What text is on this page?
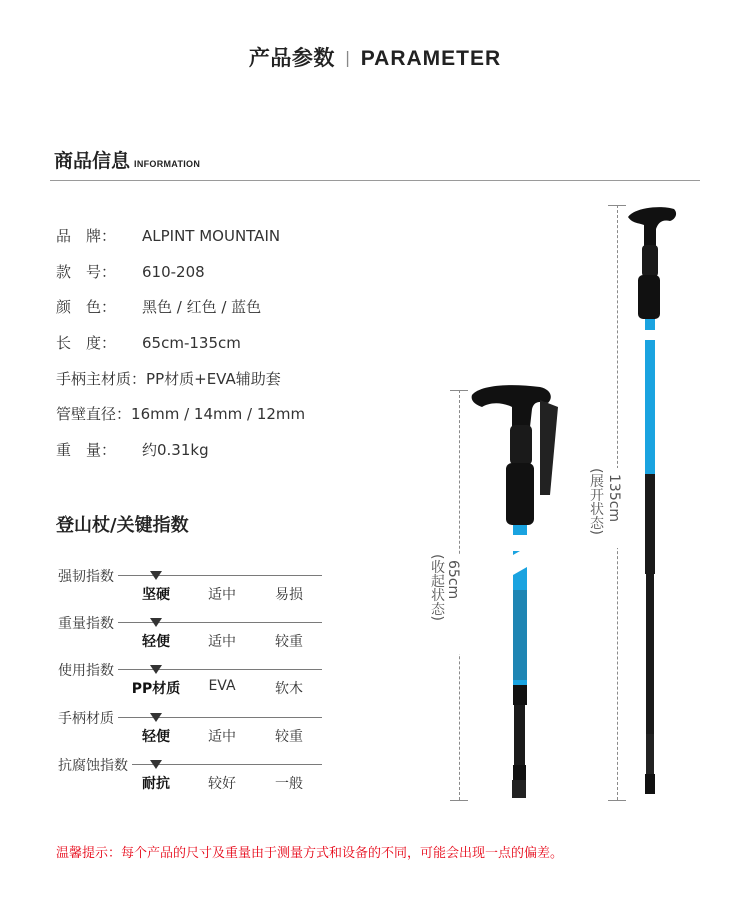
产品参数 | PARAMETER
商品信息 INFORMATION
品　牌： ALPINT MOUNTAIN
款　号： 610-208
颜　色： 黑色 / 红色 / 蓝色
长　度： 65cm-135cm
手柄主材质：PP材质+EVA辅助套
管壁直径：16mm / 14mm / 12mm
重　量： 约0.31kg
登山杖/关键指数
强韧指数
坚硬	适中	易损
重量指数
轻便	适中	较重
使用指数
PP材质	EVA	软木
手柄材质
轻便	适中	较重
抗腐蚀指数
耐抗	较好	一般
65cm
(收起状态)
135cm
(展开状态)
温馨提示：每个产品的尺寸及重量由于测量方式和设备的不同，可能会出现一点的偏差。
